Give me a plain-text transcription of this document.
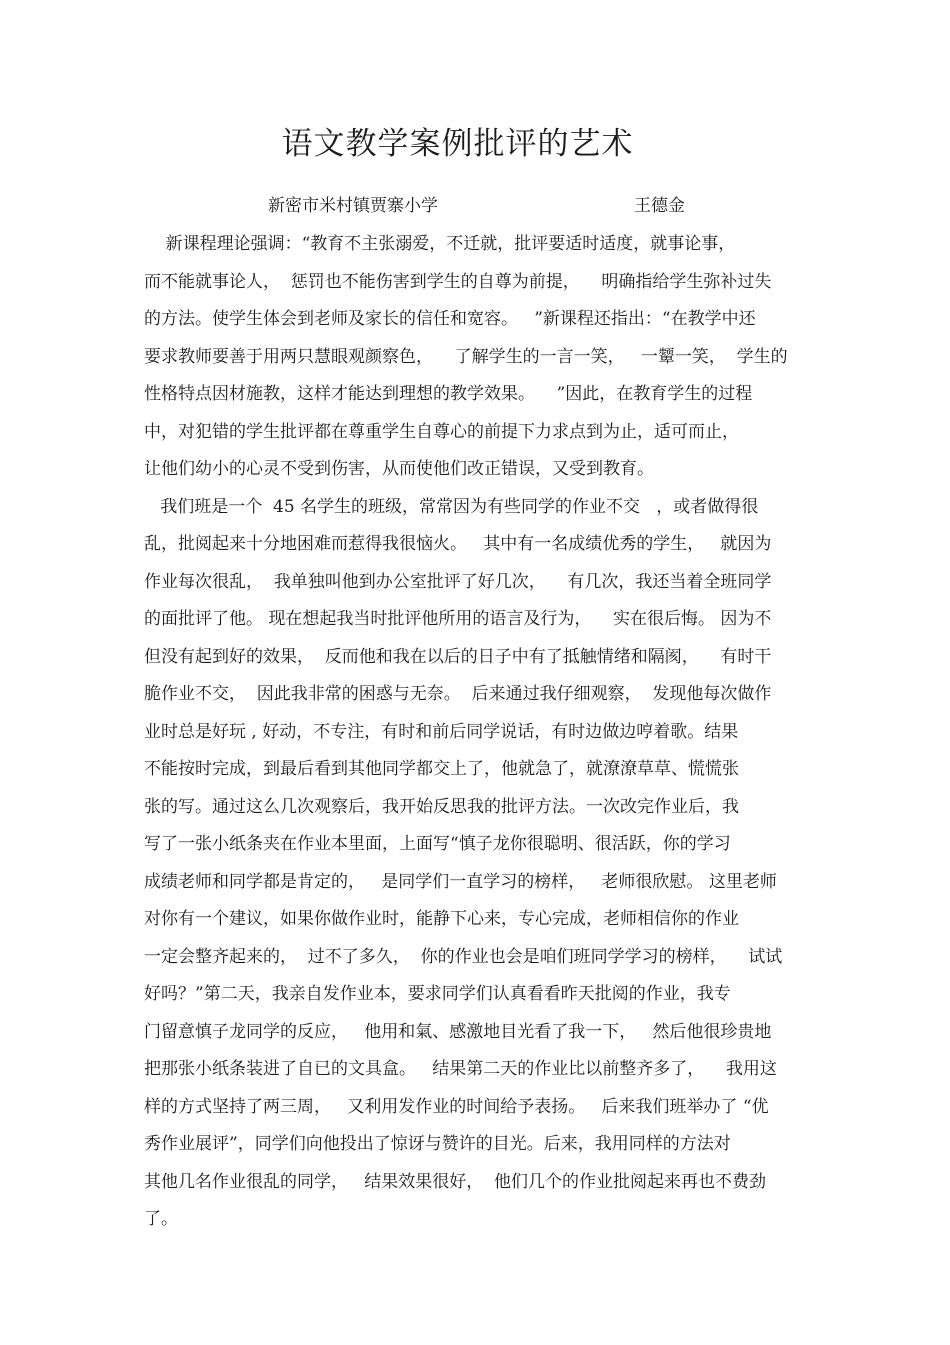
语文教学案例批评的艺术
新密市米村镇贾寨小学	王德金
新课程理论强调：“教育不主张溺爱，不迁就，批评要适时适度，就事论事，
而不能就事论人，  惩罚也不能伤害到学生的自尊为前提，    明确指给学生弥补过失
的方法。使学生体会到老师及家长的信任和宽容。   ”新课程还指出：“在教学中还
要求教师要善于用两只慧眼观颜察色，    了解学生的一言一笑，   一颦一笑，  学生的
性格特点因材施教，这样才能达到理想的教学效果。    ”因此，在教育学生的过程
中，对犯错的学生批评都在尊重学生自尊心的前提下力求点到为止，适可而止，
让他们幼小的心灵不受到伤害，从而使他们改正错误，又受到教育。
我们班是一个  45 名学生的班级，常常因为有些同学的作业不交   ，或者做得很
乱，批阅起来十分地困难而惹得我很恼火。   其中有一名成绩优秀的学生，   就因为
作业每次很乱，  我单独叫他到办公室批评了好几次，    有几次，我还当着全班同学
的面批评了他。 现在想起我当时批评他所用的语言及行为，    实在很后悔。 因为不
但没有起到好的效果，  反而他和我在以后的日子中有了抵触情绪和隔阂，    有时干
脆作业不交，  因此我非常的困惑与无奈。  后来通过我仔细观察，  发现他每次做作
业时总是好玩 , 好动，不专注，有时和前后同学说话，有时边做边哼着歌。结果
不能按时完成，到最后看到其他同学都交上了，他就急了，就潦潦草草、慌慌张
张的写。通过这么几次观察后，我开始反思我的批评方法。一次改完作业后，我
写了一张小纸条夹在作业本里面，上面写“慎子龙你很聪明、很活跃，你的学习
成绩老师和同学都是肯定的，   是同学们一直学习的榜样，   老师很欣慰。 这里老师
对你有一个建议，如果你做作业时，能静下心来，专心完成，老师相信你的作业
一定会整齐起来的，  过不了多久，  你的作业也会是咱们班同学学习的榜样，    试试
好吗？”第二天，我亲自发作业本，要求同学们认真看看昨天批阅的作业，我专
门留意慎子龙同学的反应，   他用和氣、感激地目光看了我一下，   然后他很珍贵地
把那张小纸条装进了自已的文具盒。   结果第二天的作业比以前整齐多了，    我用这
样的方式坚持了两三周，   又利用发作业的时间给予表扬。   后来我们班举办了 “优
秀作业展评”，同学们向他投出了惊讶与赞许的目光。后来，我用同样的方法对
其他几名作业很乱的同学，   结果效果很好，  他们几个的作业批阅起来再也不费劲
了。
